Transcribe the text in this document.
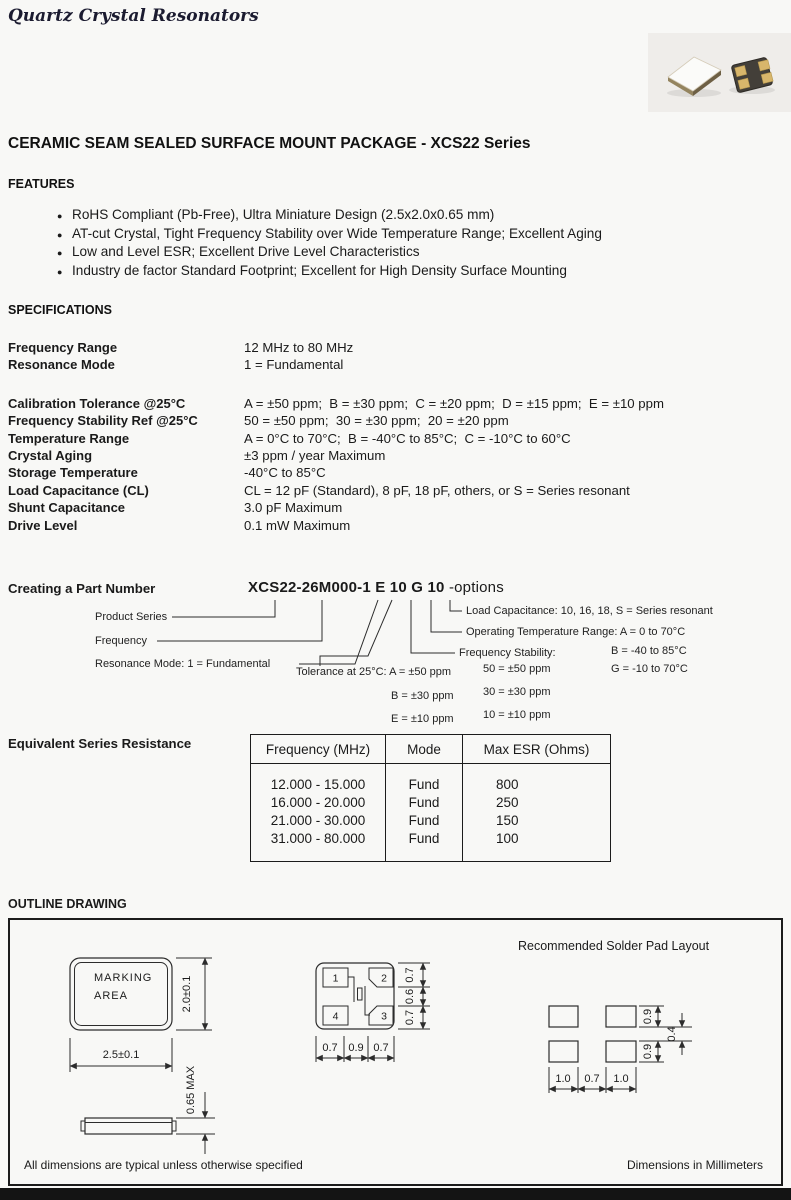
Quartz Crystal Resonators
CERAMIC SEAM SEALED SURFACE MOUNT PACKAGE - XCS22 Series
FEATURES
● RoHS Compliant (Pb-Free), Ultra Miniature Design (2.5x2.0x0.65 mm)
● AT-cut Crystal, Tight Frequency Stability over Wide Temperature Range; Excellent Aging
● Low and Level ESR; Excellent Drive Level Characteristics
● Industry de factor Standard Footprint; Excellent for High Density Surface Mounting
SPECIFICATIONS
Frequency Range	12 MHz to 80 MHz
Resonance Mode	1 = Fundamental
Calibration Tolerance @25°C	A = ±50 ppm;  B = ±30 ppm;  C = ±20 ppm;  D = ±15 ppm;  E = ±10 ppm
Frequency Stability Ref @25°C	50 = ±50 ppm;  30 = ±30 ppm;  20 = ±20 ppm
Temperature Range	A = 0°C to 70°C;  B = -40°C to 85°C;  C = -10°C to 60°C
Crystal Aging	±3 ppm / year Maximum
Storage Temperature	-40°C to 85°C
Load Capacitance (CL)	CL = 12 pF (Standard), 8 pF, 18 pF, others, or S = Series resonant
Shunt Capacitance	3.0 pF Maximum
Drive Level	0.1 mW Maximum
Creating a Part Number	XCS22-26M000-1 E 10 G 10 -options
Product Series
Frequency
Resonance Mode: 1 = Fundamental
Tolerance at 25°C: A = ±50 ppm
B = ±30 ppm
E = ±10 ppm
Frequency Stability:
50 = ±50 ppm
30 = ±30 ppm
10 = ±10 ppm
Load Capacitance: 10, 16, 18, S = Series resonant
Operating Temperature Range: A = 0 to 70°C
B = -40 to 85°C
G = -10 to 70°C
Equivalent Series Resistance	Frequency (MHz)	Mode	Max ESR (Ohms)
12.000 - 15.000	Fund	800
16.000 - 20.000	Fund	250
21.000 - 30.000	Fund	150
31.000 - 80.000	Fund	100
OUTLINE DRAWING
MARKING
AREA	2.0±0.1
2.5±0.1
0.65 MAX
1	2
4	3
0.7
0.6
0.7
0.7 0.9 0.7
Recommended Solder Pad Layout
0.9
0.4
0.9
1.0 0.7 1.0
All dimensions are typical unless otherwise specified	Dimensions in Millimeters
